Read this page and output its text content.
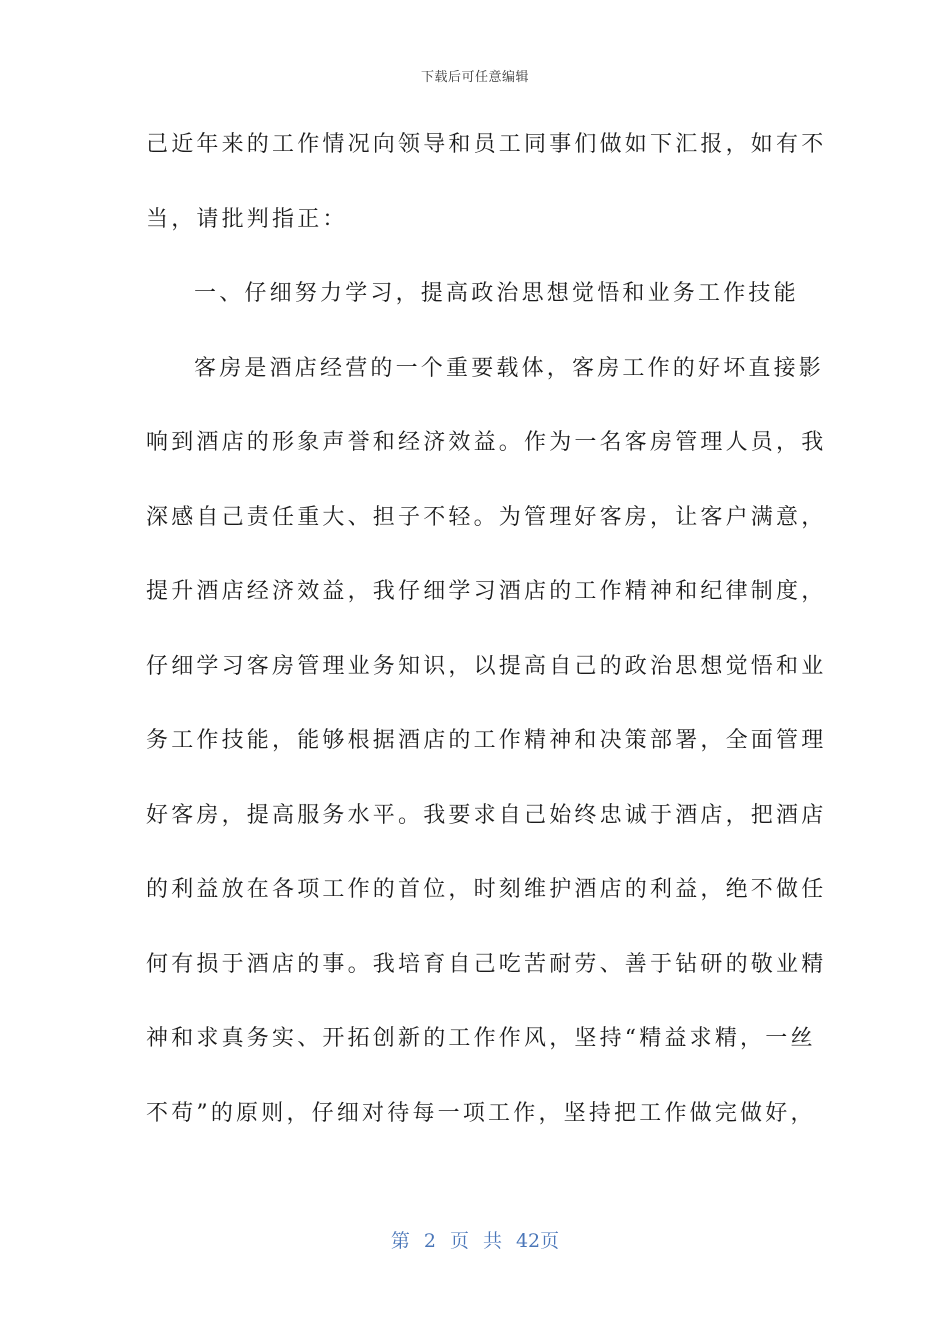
下载后可任意编辑
己近年来的工作情况向领导和员工同事们做如下汇报，如有不
当，请批判指正：
一、仔细努力学习，提高政治思想觉悟和业务工作技能
客房是酒店经营的一个重要载体，客房工作的好坏直接影
响到酒店的形象声誉和经济效益。作为一名客房管理人员，我
深感自己责任重大、担子不轻。为管理好客房，让客户满意，
提升酒店经济效益，我仔细学习酒店的工作精神和纪律制度，
仔细学习客房管理业务知识，以提高自己的政治思想觉悟和业
务工作技能，能够根据酒店的工作精神和决策部署，全面管理
好客房，提高服务水平。我要求自己始终忠诚于酒店，把酒店
的利益放在各项工作的首位，时刻维护酒店的利益，绝不做任
何有损于酒店的事。我培育自己吃苦耐劳、善于钻研的敬业精
神和求真务实、开拓创新的工作作风，坚持“精益求精，一丝
不苟”的原则，仔细对待每一项工作，坚持把工作做完做好，
第 2 页 共 42页
